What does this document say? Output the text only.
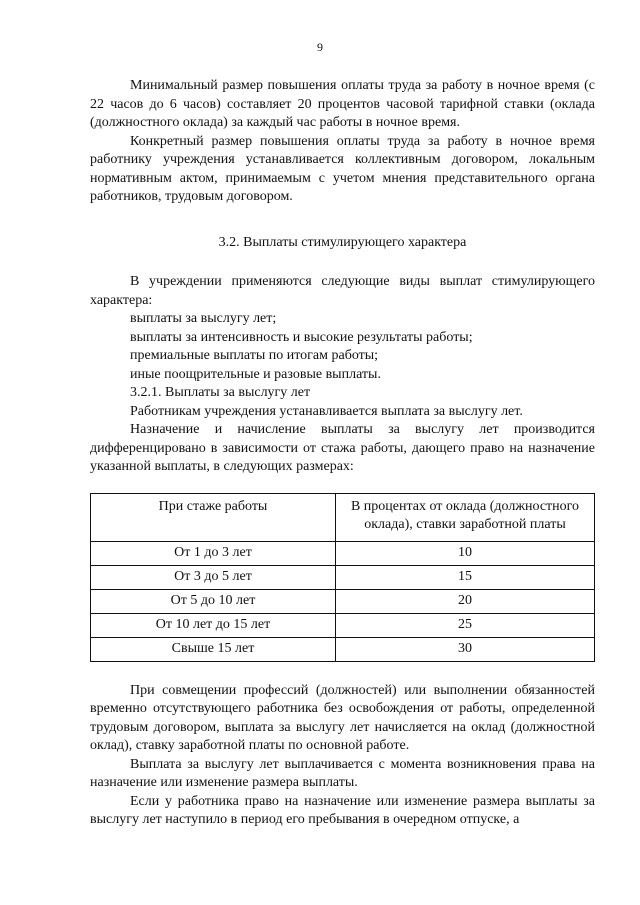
9

Минимальный размер повышения оплаты труда за работу в ночное время (с 22 часов до 6 часов) составляет 20 процентов часовой тарифной ставки (оклада (должностного оклада) за каждый час работы в ночное время.

Конкретный размер повышения оплаты труда за работу в ночное время работнику учреждения устанавливается коллективным договором, локальным нормативным актом, принимаемым с учетом мнения представительного органа работников, трудовым договором.

3.2. Выплаты стимулирующего характера

В учреждении применяются следующие виды выплат стимулирующего характера:

выплаты за выслугу лет;

выплаты за интенсивность и высокие результаты работы;

премиальные выплаты по итогам работы;

иные поощрительные и разовые выплаты.

3.2.1. Выплаты за выслугу лет

Работникам учреждения устанавливается выплата за выслугу лет.

Назначение и начисление выплаты за выслугу лет производится дифференцировано в зависимости от стажа работы, дающего право на назначение указанной выплаты, в следующих размерах:

При стаже работы	В процентах от оклада (должностного оклада), ставки заработной платы
От 1 до 3 лет	10
От 3 до 5 лет	15
От 5 до 10 лет	20
От 10 лет до 15 лет	25
Свыше 15 лет	30

При совмещении профессий (должностей) или выполнении обязанностей временно отсутствующего работника без освобождения от работы, определенной трудовым договором, выплата за выслугу лет начисляется на оклад (должностной оклад), ставку заработной платы по основной работе.

Выплата за выслугу лет выплачивается с момента возникновения права на назначение или изменение размера выплаты.

Если у работника право на назначение или изменение размера выплаты за выслугу лет наступило в период его пребывания в очередном отпуске, а
